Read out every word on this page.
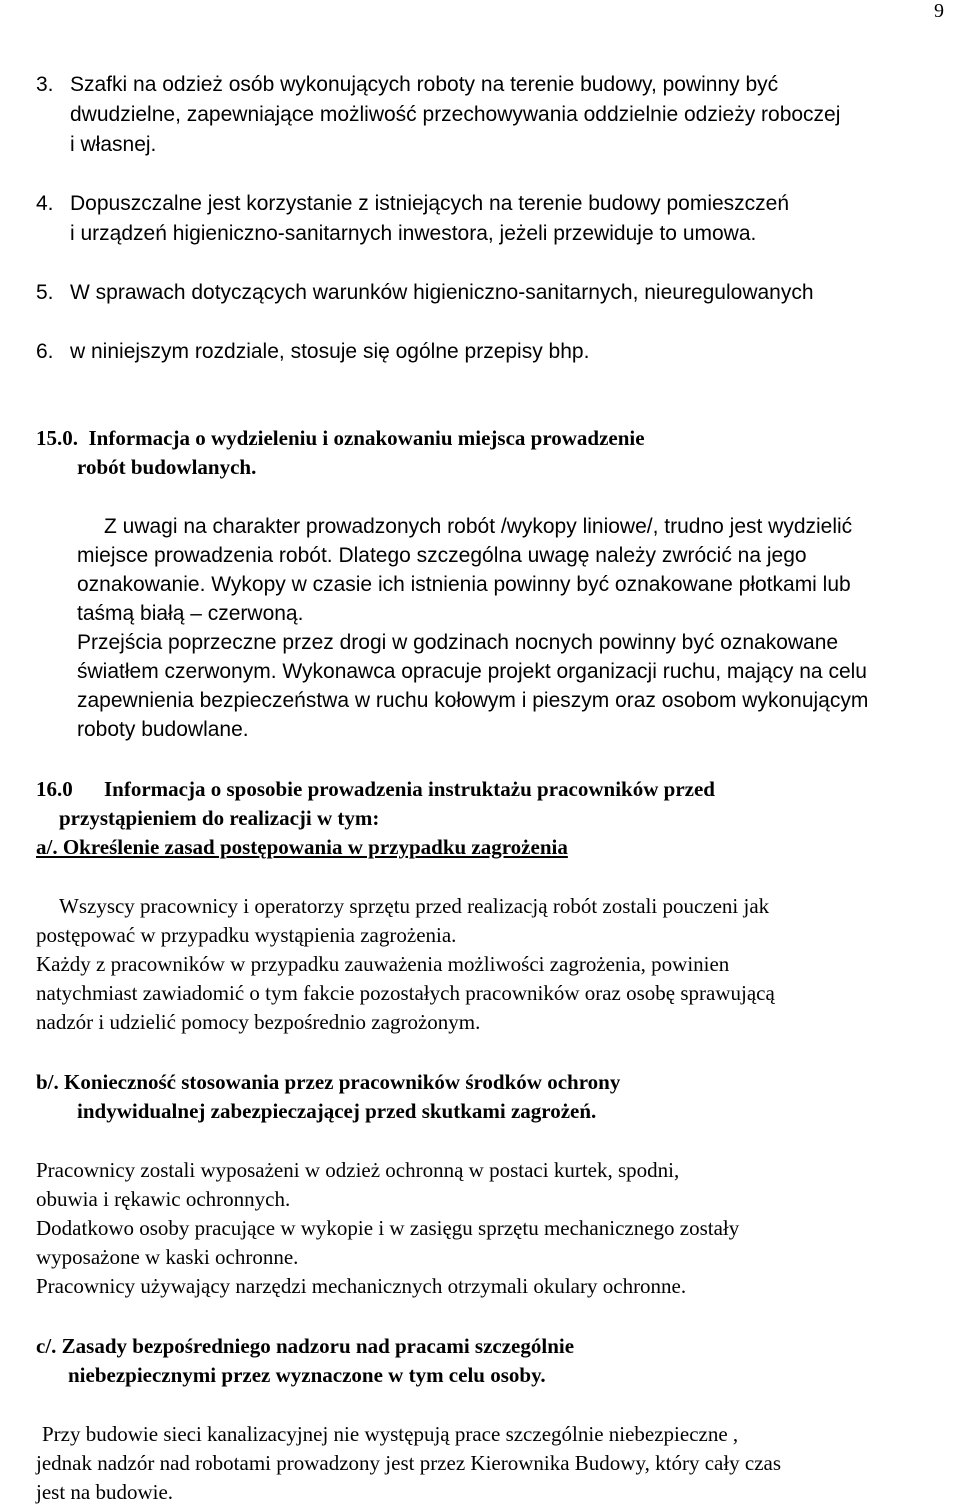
9
3. Szafki na odzież osób wykonujących roboty na terenie budowy, powinny być
dwudzielne, zapewniające możliwość przechowywania oddzielnie odzieży roboczej
i własnej.
4. Dopuszczalne jest korzystanie z istniejących na terenie budowy pomieszczeń
i urządzeń higieniczno-sanitarnych inwestora, jeżeli przewiduje to umowa.
5. W sprawach dotyczących warunków higieniczno-sanitarnych, nieuregulowanych
6. w niniejszym rozdziale, stosuje się ogólne przepisy bhp.
15.0.  Informacja o wydzieleniu i oznakowaniu miejsca prowadzenie
robót budowlanych.
Z uwagi na charakter prowadzonych robót /wykopy liniowe/, trudno jest wydzielić
miejsce prowadzenia robót. Dlatego szczególna uwagę należy zwrócić na jego
oznakowanie. Wykopy w czasie ich istnienia powinny być oznakowane płotkami lub
taśmą białą – czerwoną.
Przejścia poprzeczne przez drogi w godzinach nocnych powinny być oznakowane
światłem czerwonym. Wykonawca opracuje projekt organizacji ruchu, mający na celu
zapewnienia bezpieczeństwa w ruchu kołowym i pieszym oraz osobom wykonującym
roboty budowlane.
16.0 Informacja o sposobie prowadzenia instruktażu pracowników przed
przystąpieniem do realizacji w tym:
a/. Określenie zasad postępowania w przypadku zagrożenia
Wszyscy pracownicy i operatorzy sprzętu przed realizacją robót zostali pouczeni jak
postępować w przypadku wystąpienia zagrożenia.
Każdy z pracowników w przypadku zauważenia możliwości zagrożenia, powinien
natychmiast zawiadomić o tym fakcie pozostałych pracowników oraz osobę sprawującą
nadzór i udzielić pomocy bezpośrednio zagrożonym.
b/. Konieczność stosowania przez pracowników środków ochrony
indywidualnej zabezpieczającej przed skutkami zagrożeń.
Pracownicy zostali wyposażeni w odzież ochronną w postaci kurtek, spodni,
obuwia i rękawic ochronnych.
Dodatkowo osoby pracujące w wykopie i w zasięgu sprzętu mechanicznego zostały
wyposażone w kaski ochronne.
Pracownicy używający narzędzi mechanicznych otrzymali okulary ochronne.
c/. Zasady bezpośredniego nadzoru nad pracami szczególnie
niebezpiecznymi przez wyznaczone w tym celu osoby.
Przy budowie sieci kanalizacyjnej nie występują prace szczególnie niebezpieczne ,
jednak nadzór nad robotami prowadzony jest przez Kierownika Budowy, który cały czas
jest na budowie.
